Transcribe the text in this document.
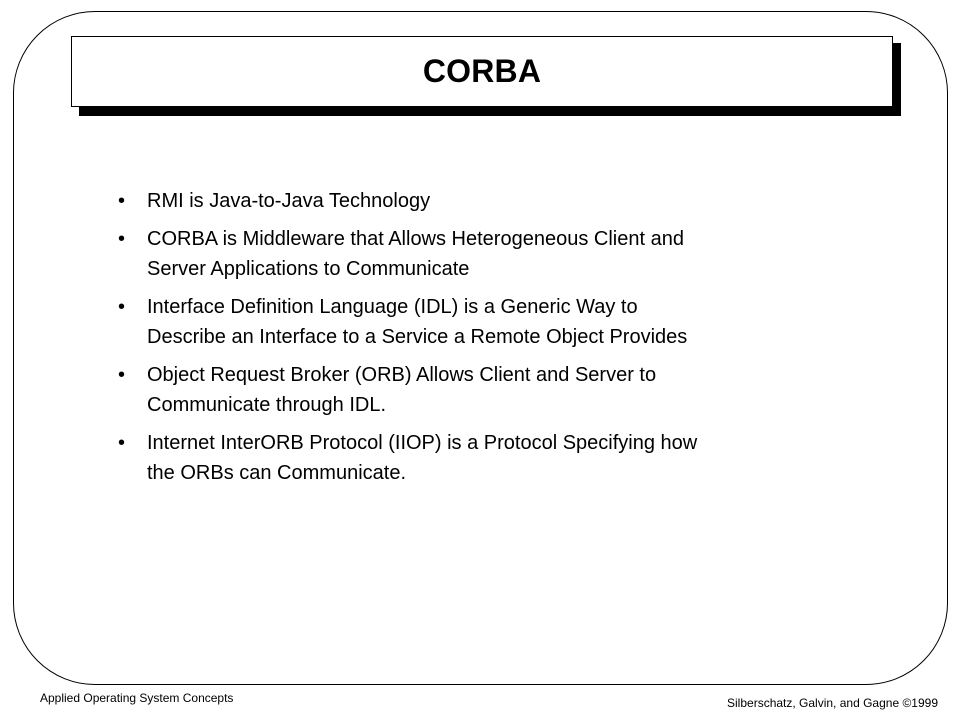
CORBA
•	RMI is Java-to-Java Technology
•	CORBA is Middleware that Allows Heterogeneous Client and
Server Applications to Communicate
•	Interface Definition Language (IDL) is a Generic Way to
Describe an Interface to a Service a Remote Object Provides
•	Object Request Broker (ORB) Allows Client and Server to
Communicate through IDL.
•	Internet InterORB Protocol (IIOP) is a Protocol Specifying how
the ORBs can Communicate.
Applied Operating System Concepts	Silberschatz, Galvin, and Gagne ©1999
